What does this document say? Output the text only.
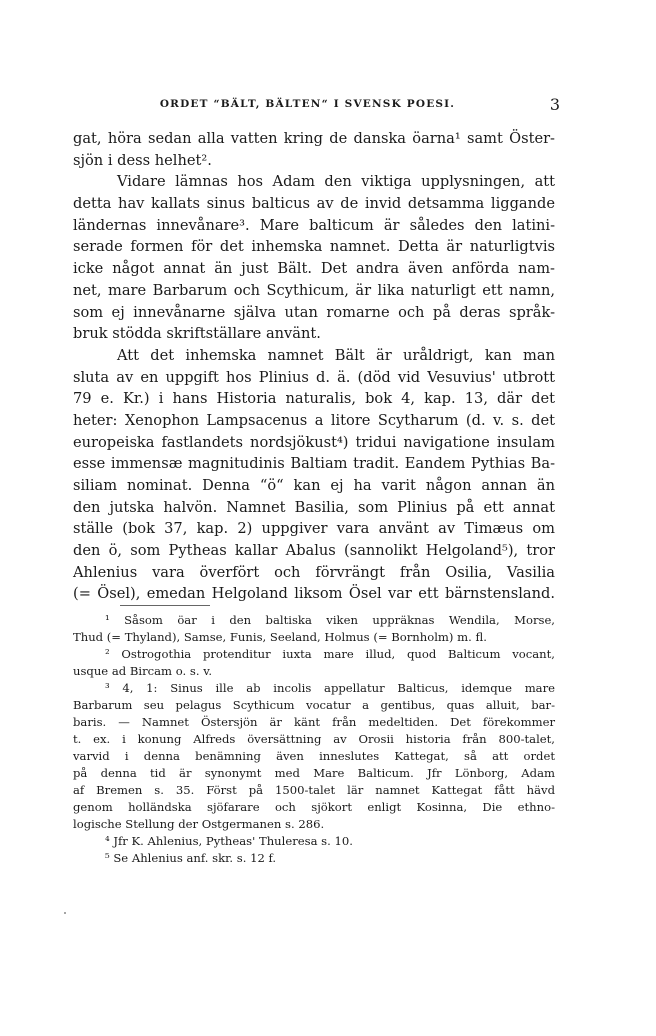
ORDET “BÄLT, BÄLTEN“ I SVENSK POESI.	3
gat, höra sedan alla vatten kring de danska öarna¹ samt Öster-
sjön i dess helhet².
Vidare lämnas hos Adam den viktiga upplysningen, att
detta hav kallats sinus balticus av de invid detsamma liggande
ländernas innevånare³. Mare balticum är således den latini-
serade formen för det inhemska namnet. Detta är naturligtvis
icke något annat än just Bält. Det andra även anförda nam-
net, mare Barbarum och Scythicum, är lika naturligt ett namn,
som ej innevånarne själva utan romarne och på deras språk-
bruk stödda skriftställare använt.
Att det inhemska namnet Bält är uråldrigt, kan man
sluta av en uppgift hos Plinius d. ä. (död vid Vesuvius' utbrott
79 e. Kr.) i hans Historia naturalis, bok 4, kap. 13, där det
heter: Xenophon Lampsacenus a litore Scytharum (d. v. s. det
europeiska fastlandets nordsjökust⁴) tridui navigatione insulam
esse immensæ magnitudinis Baltiam tradit. Eandem Pythias Ba-
siliam nominat. Denna “ö“ kan ej ha varit någon annan än
den jutska halvön. Namnet Basilia, som Plinius på ett annat
ställe (bok 37, kap. 2) uppgiver vara använt av Timæus om
den ö, som Pytheas kallar Abalus (sannolikt Helgoland⁵), tror
Ahlenius vara överfört och förvrängt från Osilia, Vasilia
(= Ösel), emedan Helgoland liksom Ösel var ett bärnstensland.
¹ Såsom öar i den baltiska viken uppräknas Wendila, Morse,
Thud (= Thyland), Samse, Funis, Seeland, Holmus (= Bornholm) m. fl.
² Ostrogothia protenditur iuxta mare illud, quod Balticum vocant,
usque ad Bircam o. s. v.
³ 4, 1: Sinus ille ab incolis appellatur Balticus, idemque mare
Barbarum seu pelagus Scythicum vocatur a gentibus, quas alluit, bar-
baris. — Namnet Östersjön är känt från medeltiden. Det förekommer
t. ex. i konung Alfreds översättning av Orosii historia från 800-talet,
varvid i denna benämning även inneslutes Kattegat, så att ordet
på denna tid är synonymt med Mare Balticum. Jfr Lönborg, Adam
af Bremen s. 35. Först på 1500-talet lär namnet Kattegat fått hävd
genom holländska sjöfarare och sjökort enligt Kosinna, Die ethno-
logische Stellung der Ostgermanen s. 286.
⁴ Jfr K. Ahlenius, Pytheas' Thuleresa s. 10.
⁵ Se Ahlenius anf. skr. s. 12 f.
